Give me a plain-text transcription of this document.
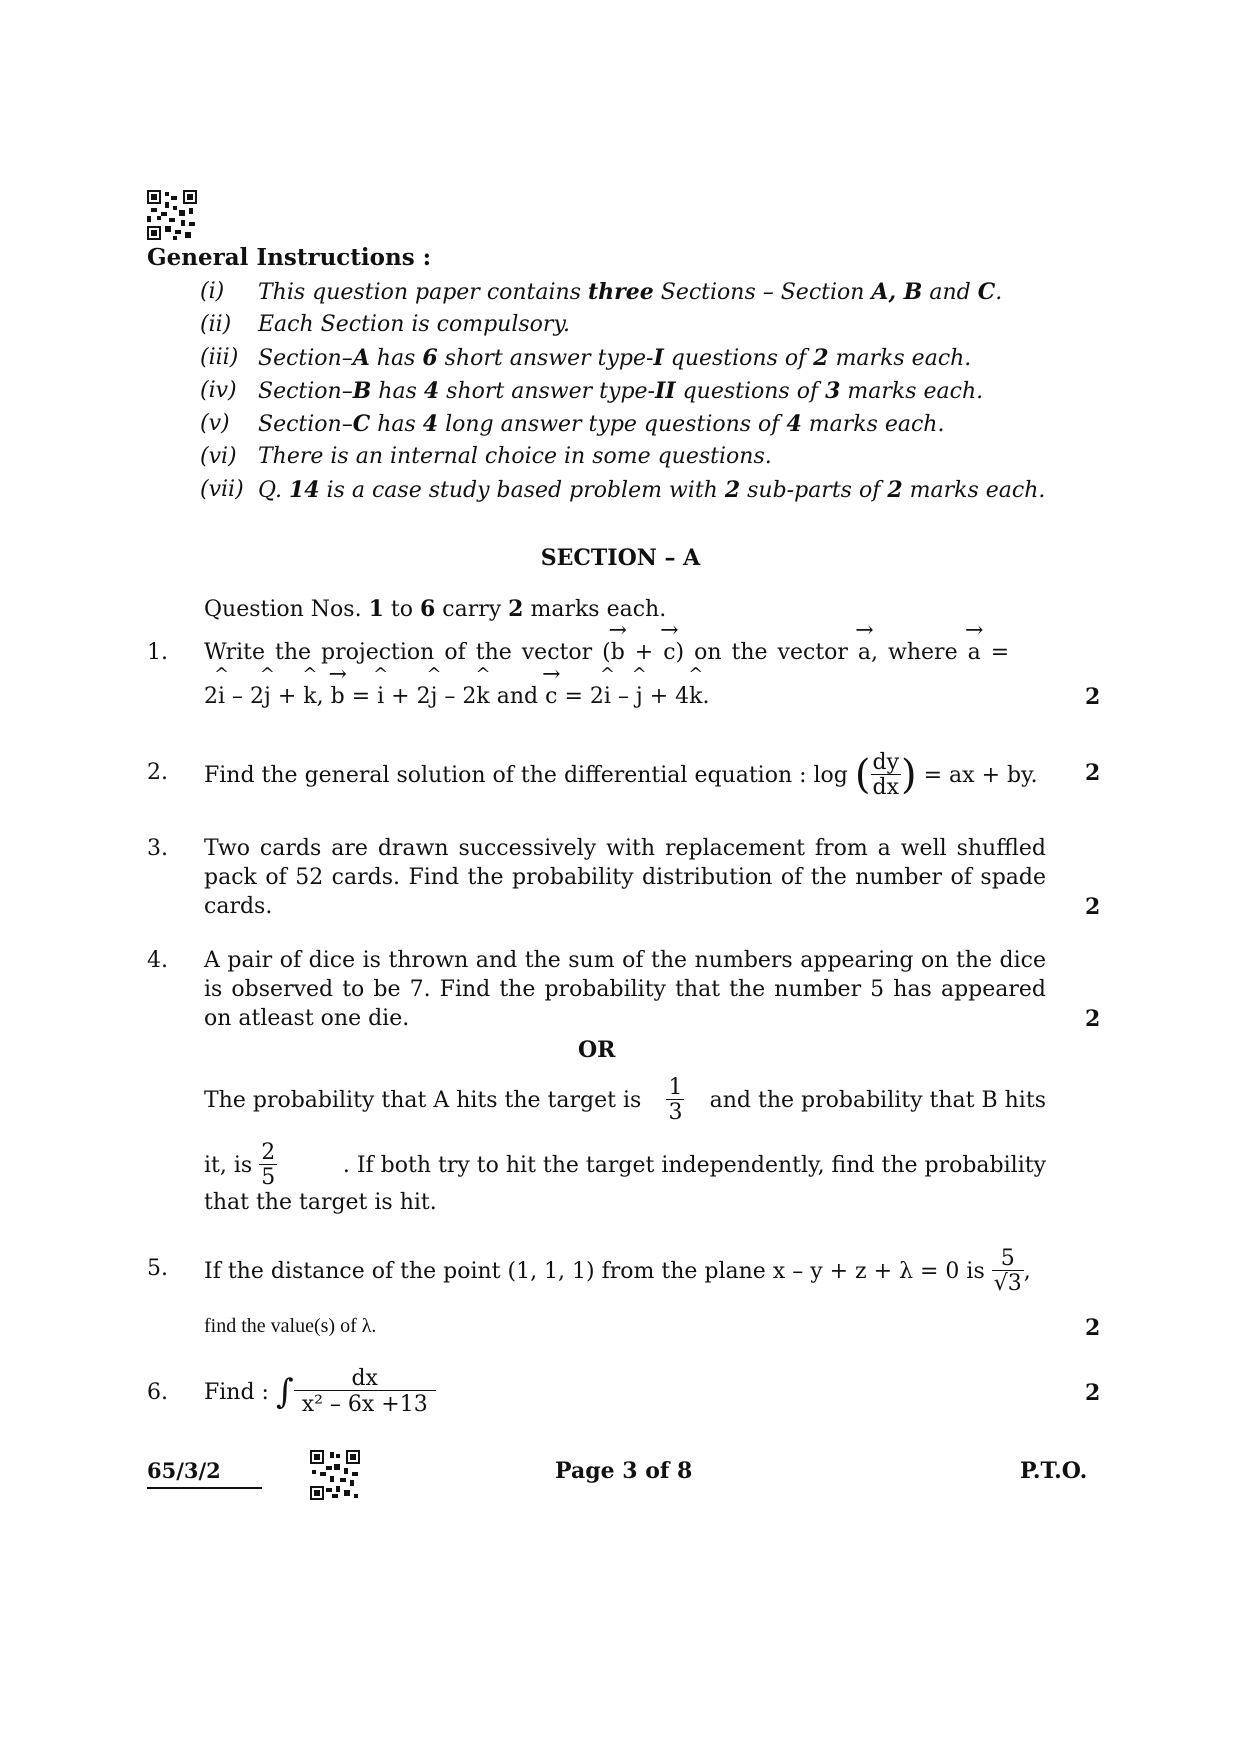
General Instructions :
(i) This question paper contains three Sections – Section A, B and C.
(ii) Each Section is compulsory.
(iii) Section–A has 6 short answer type-I questions of 2 marks each.
(iv) Section–B has 4 short answer type-II questions of 3 marks each.
(v) Section–C has 4 long answer type questions of 4 marks each.
(vi) There is an internal choice in some questions.
(vii) Q. 14 is a case study based problem with 2 sub-parts of 2 marks each.
SECTION – A
Question Nos. 1 to 6 carry 2 marks each.
1. Write the projection of the vector (→ b + → c) on the vector → a, where → a =
2^ i – 2^ j + ^ k, → b = ^ i + 2^ j – 2^ k and → c = 2^ i – ^ j + 4^ k.	2
2. Find the general solution of the differential equation : log
( $\frac{dy}{dx}$ )
= ax + by. 2
3. Two cards are drawn successively with replacement from a well shuffled pack of 52 cards. Find the probability distribution of the number of spade cards.	2
4. A pair of dice is thrown and the sum of the numbers appearing on the dice is observed to be 7. Find the probability that the number 5 has appeared on atleast one die.	2
OR
The probability that A hits the target is $\frac{1}{3}$ and the probability that B hits
it, is
$\frac{2}{5}$	. If both try to hit the target independently, find the probability
that the target is hit.
5. If the distance of the point (1, 1, 1) from the plane x – y + z + λ = 0 is
$\frac{5}{√3}$ ,
find the value(s) of λ.	2
6. Find :
∫ $\frac{dx}{\text{x² – 6x +13}}$	2
65/3/2	Page 3 of 8	P.T.O.
